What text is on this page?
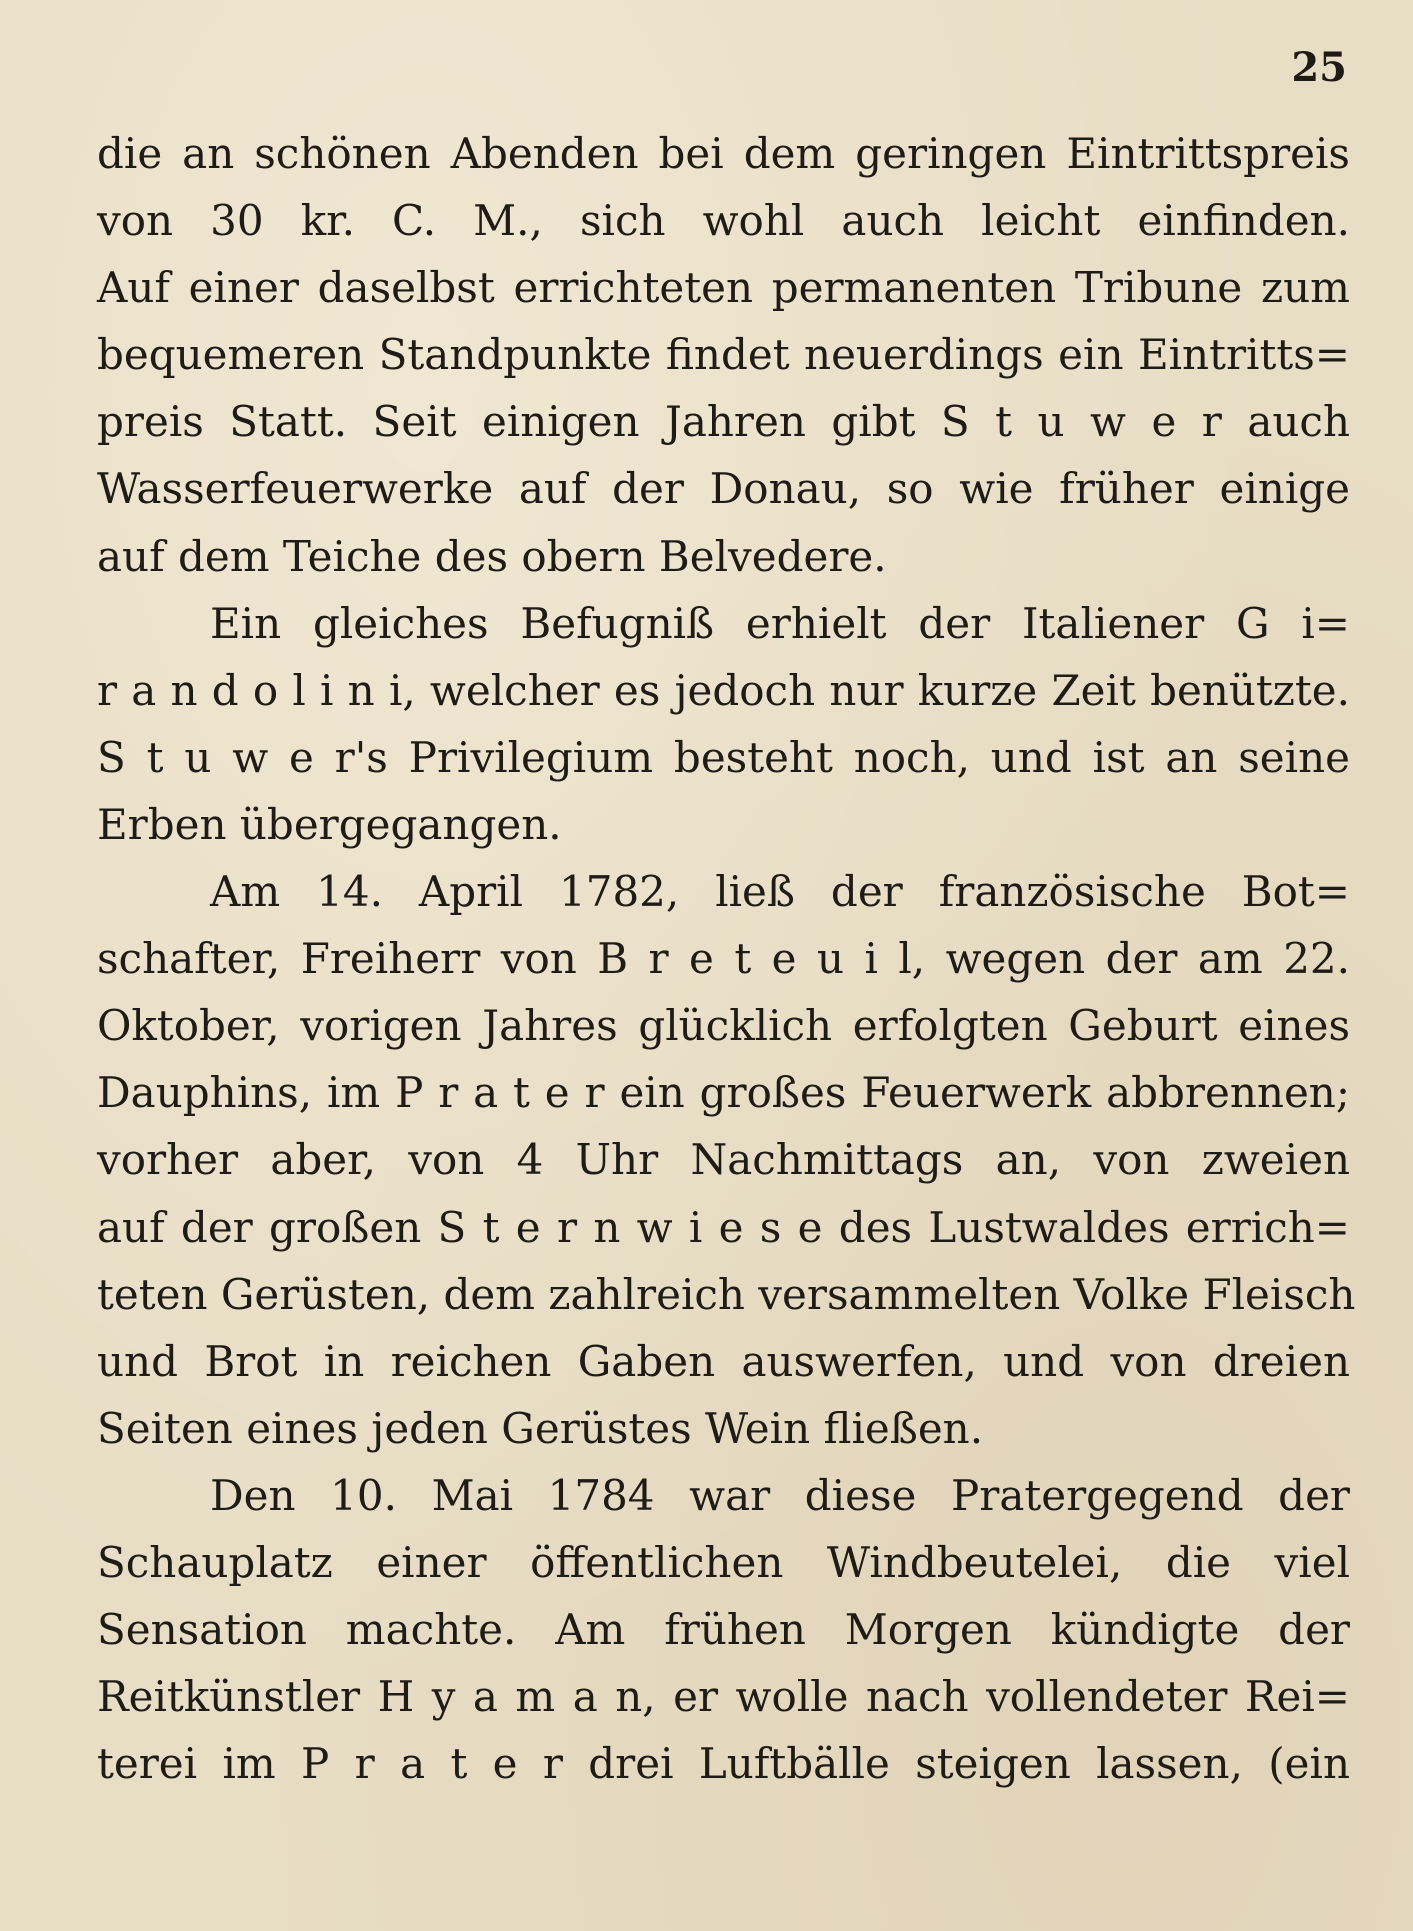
25
die an schönen Abenden bei dem geringen Eintrittspreis
von 30 kr. C. M., sich wohl auch leicht einfinden.
Auf einer daselbst errichteten permanenten Tribune zum
bequemeren Standpunkte findet neuerdings ein Eintritts=
preis Statt. Seit einigen Jahren gibt S t u w e r auch
Wasserfeuerwerke auf der Donau, so wie früher einige
auf dem Teiche des obern Belvedere.
Ein gleiches Befugniß erhielt der Italiener G i=
r a n d o l i n i, welcher es jedoch nur kurze Zeit benützte.
S t u w e r's Privilegium besteht noch, und ist an seine
Erben übergegangen.
Am 14. April 1782, ließ der französische Bot=
schafter, Freiherr von B r e t e u i l, wegen der am 22.
Oktober, vorigen Jahres glücklich erfolgten Geburt eines
Dauphins, im P r a t e r ein großes Feuerwerk abbrennen;
vorher aber, von 4 Uhr Nachmittags an, von zweien
auf der großen S t e r n w i e s e des Lustwaldes errich=
teten Gerüsten, dem zahlreich versammelten Volke Fleisch
und Brot in reichen Gaben auswerfen, und von dreien
Seiten eines jeden Gerüstes Wein fließen.
Den 10. Mai 1784 war diese Pratergegend der
Schauplatz einer öffentlichen Windbeutelei, die viel
Sensation machte. Am frühen Morgen kündigte der
Reitkünstler H y a m a n, er wolle nach vollendeter Rei=
terei im P r a t e r drei Luftbälle steigen lassen, (ein
